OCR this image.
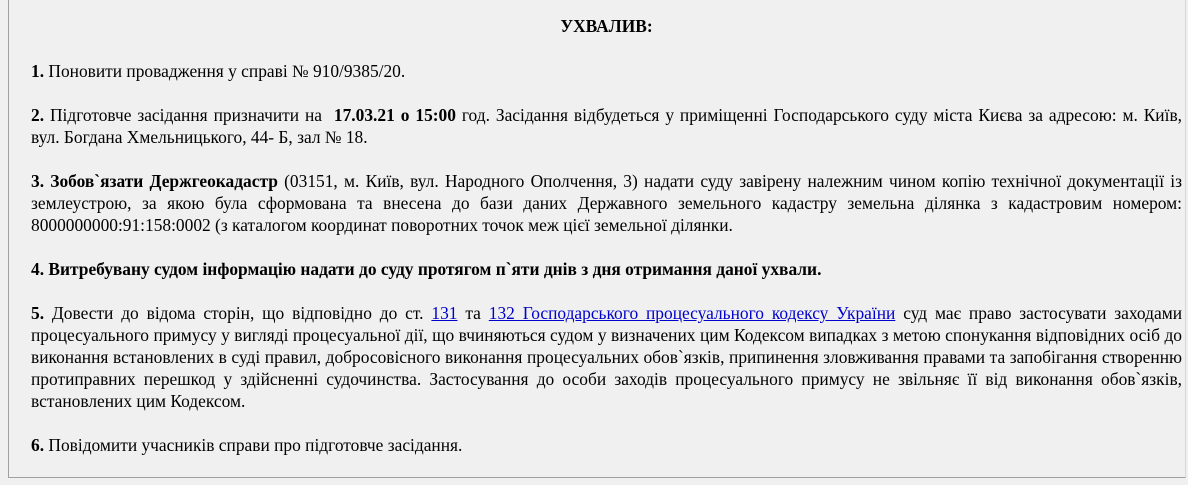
УХВАЛИВ:
1. Поновити провадження у справі № 910/9385/20.
2. Підготовче засідання призначити на 17.03.21 о 15:00 год. Засідання відбудеться у приміщенні Господарського суду міста Києва за адресою: м. Київ, вул. Богдана Хмельницького, 44- Б, зал № 18.
3. Зобов`язати Держгеокадастр (03151, м. Київ, вул. Народного Ополчення, 3) надати суду завірену належним чином копію технічної документації із землеустрою, за якою була сформована та внесена до бази даних Державного земельного кадастру земельна ділянка з кадастровим номером: 8000000000:91:158:0002 (з каталогом координат поворотних точок меж цієї земельної ділянки.
4. Витребувану судом інформацію надати до суду протягом п`яти днів з дня отримання даної ухвали.
5. Довести до відома сторін, що відповідно до ст. 131 та 132 Господарського процесуального кодексу України суд має право застосувати заходами процесуального примусу у вигляді процесуальної дії, що вчиняються судом у визначених цим Кодексом випадках з метою спонукання відповідних осіб до виконання встановлених в суді правил, добросовісного виконання процесуальних обов`язків, припинення зловживання правами та запобігання створенню протиправних перешкод у здійсненні судочинства. Застосування до особи заходів процесуального примусу не звільняє її від виконання обов`язків, встановлених цим Кодексом.
6. Повідомити учасників справи про підготовче засідання.
